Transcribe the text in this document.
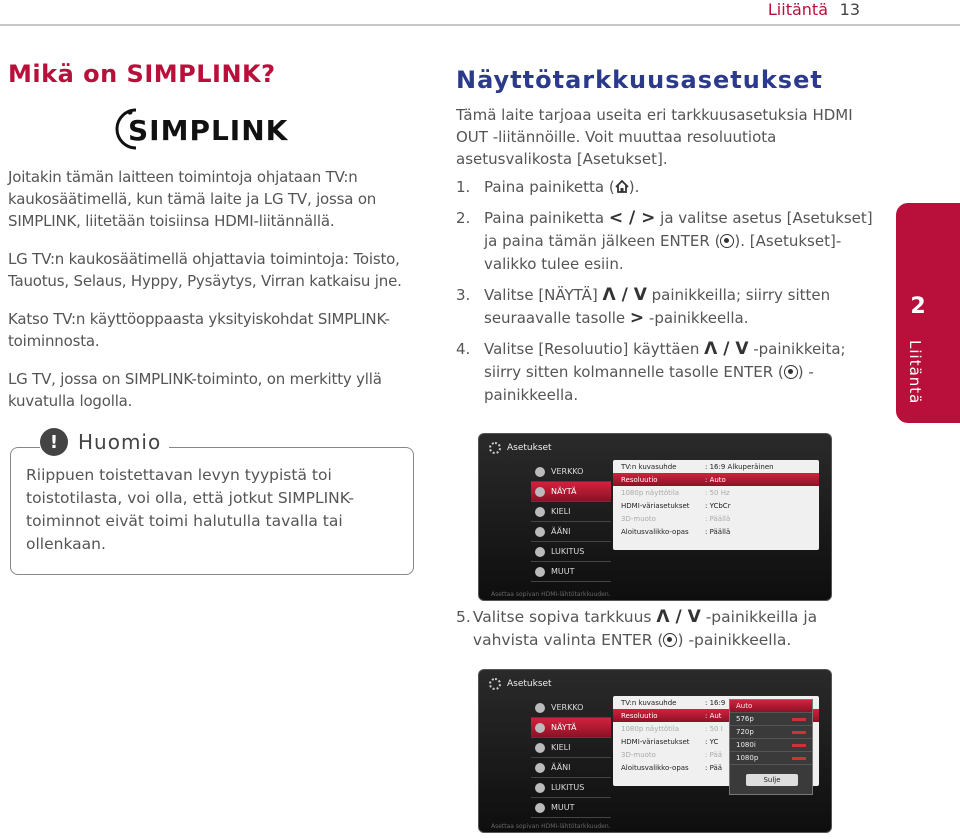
Liitäntä 13
Mikä on SIMPLINK?
SIMPLINK

Joitakin tämän laitteen toimintoja ohjataan TV:n kaukosäätimellä, kun tämä laite ja LG TV, jossa on SIMPLINK, liitetään toisiinsa HDMI-liitännällä.

LG TV:n kaukosäätimellä ohjattavia toimintoja: Toisto, Tauotus, Selaus, Hyppy, Pysäytys, Virran katkaisu jne.

Katso TV:n käyttöoppaasta yksityiskohdat SIMPLINK-toiminnosta.

LG TV, jossa on SIMPLINK-toiminto, on merkitty yllä kuvatulla logolla.

! Huomio
Riippuen toistettavan levyn tyypistä toi toistotilasta, voi olla, että jotkut SIMPLINK-toiminnot eivät toimi halutulla tavalla tai ollenkaan.
Näyttötarkkuusasetukset

Tämä laite tarjoaa useita eri tarkkuusasetuksia HDMI OUT -liitännöille. Voit muuttaa resoluutiota asetusvalikosta [Asetukset].

1. Paina painiketta ( ).
2. Paina painiketta < / > ja valitse asetus [Asetukset] ja paina tämän jälkeen ENTER ( ). [Asetukset]-valikko tulee esiin.
3. Valitse [NÄYTÄ] Λ / V painikkeilla; siirry sitten seuraavalle tasolle > -painikkeella.
4. Valitse [Resoluutio] käyttäen Λ / V -painikkeita; siirry sitten kolmannelle tasolle ENTER ( ) -painikkeella.
5. Valitse sopiva tarkkuus Λ / V -painikkeilla ja vahvista valinta ENTER ( ) -painikkeella.
2
Liitäntä
Asetukset
VERKKO
NÄYTÄ
KIELI
ÄÄNI
LUKITUS
MUUT
TV:n kuvasuhde	: 16:9 Alkuperäinen
Resoluutio	: Auto
1080p näyttötila	: 50 Hz
HDMI-väriasetukset	: YCbCr
3D-muoto	: Päällä
Aloitusvalikko-opas	: Päällä
Asettaa sopivan HDMI-lähtötarkkuuden.
Asetukset
VERKKO
NÄYTÄ
KIELI
ÄÄNI
LUKITUS
MUUT
TV:n kuvasuhde	: 16:9
Resoluutio	: Aut
1080p näyttötila	: 50 I
HDMI-väriasetukset	: YC
3D-muoto	: Pää
Aloitusvalikko-opas	: Pää
Auto
576p
720p
1080i
1080p
Sulje
Asettaa sopivan HDMI-lähtötarkkuuden.
